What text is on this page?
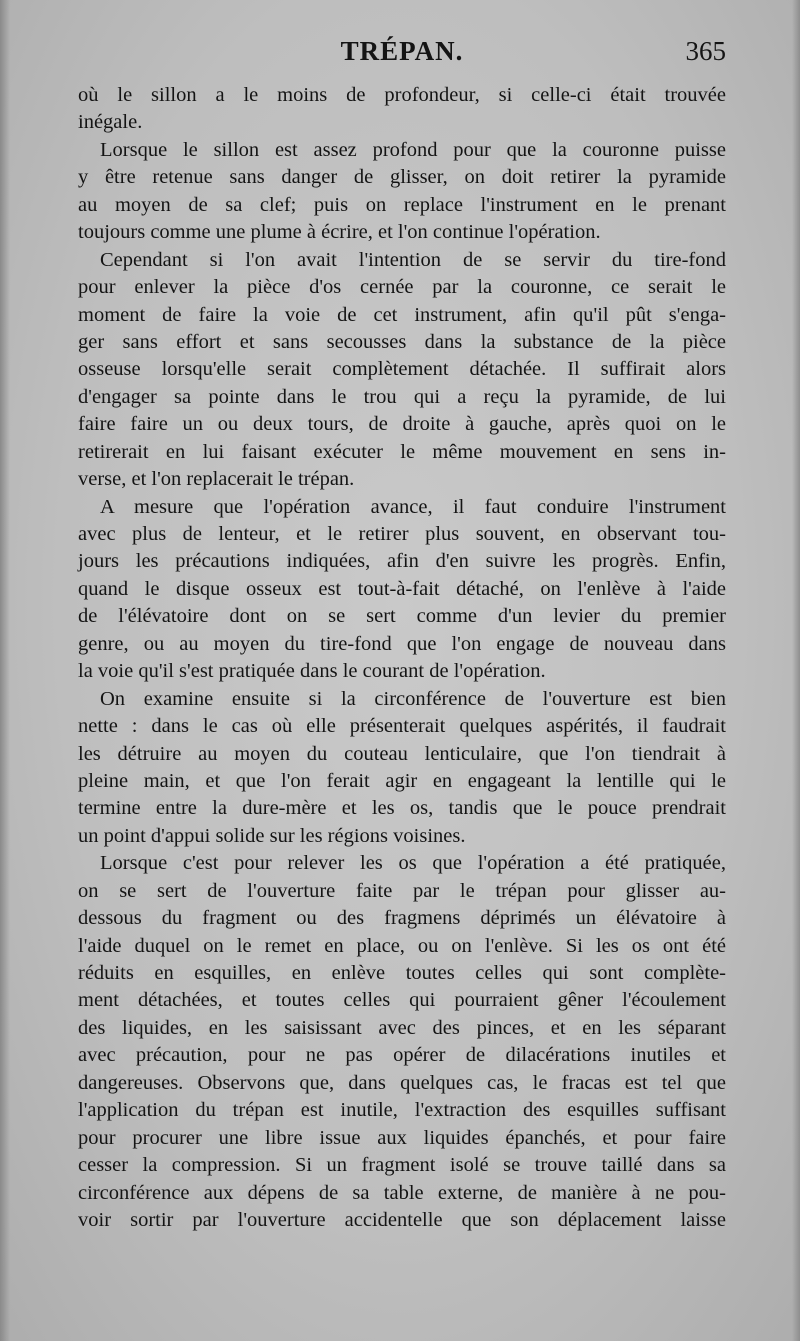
TRÉPAN.	365
où le sillon a le moins de profondeur, si celle-ci était trouvée
inégale.
Lorsque le sillon est assez profond pour que la couronne puisse
y être retenue sans danger de glisser, on doit retirer la pyramide
au moyen de sa clef; puis on replace l'instrument en le prenant
toujours comme une plume à écrire, et l'on continue l'opération.
Cependant si l'on avait l'intention de se servir du tire-fond
pour enlever la pièce d'os cernée par la couronne, ce serait le
moment de faire la voie de cet instrument, afin qu'il pût s'enga-
ger sans effort et sans secousses dans la substance de la pièce
osseuse lorsqu'elle serait complètement détachée. Il suffirait alors
d'engager sa pointe dans le trou qui a reçu la pyramide, de lui
faire faire un ou deux tours, de droite à gauche, après quoi on le
retirerait en lui faisant exécuter le même mouvement en sens in-
verse, et l'on replacerait le trépan.
A mesure que l'opération avance, il faut conduire l'instrument
avec plus de lenteur, et le retirer plus souvent, en observant tou-
jours les précautions indiquées, afin d'en suivre les progrès. Enfin,
quand le disque osseux est tout-à-fait détaché, on l'enlève à l'aide
de l'élévatoire dont on se sert comme d'un levier du premier
genre, ou au moyen du tire-fond que l'on engage de nouveau dans
la voie qu'il s'est pratiquée dans le courant de l'opération.
On examine ensuite si la circonférence de l'ouverture est bien
nette : dans le cas où elle présenterait quelques aspérités, il faudrait
les détruire au moyen du couteau lenticulaire, que l'on tiendrait à
pleine main, et que l'on ferait agir en engageant la lentille qui le
termine entre la dure-mère et les os, tandis que le pouce prendrait
un point d'appui solide sur les régions voisines.
Lorsque c'est pour relever les os que l'opération a été pratiquée,
on se sert de l'ouverture faite par le trépan pour glisser au-
dessous du fragment ou des fragmens déprimés un élévatoire à
l'aide duquel on le remet en place, ou on l'enlève. Si les os ont été
réduits en esquilles, en enlève toutes celles qui sont complète-
ment détachées, et toutes celles qui pourraient gêner l'écoulement
des liquides, en les saisissant avec des pinces, et en les séparant
avec précaution, pour ne pas opérer de dilacérations inutiles et
dangereuses. Observons que, dans quelques cas, le fracas est tel que
l'application du trépan est inutile, l'extraction des esquilles suffisant
pour procurer une libre issue aux liquides épanchés, et pour faire
cesser la compression. Si un fragment isolé se trouve taillé dans sa
circonférence aux dépens de sa table externe, de manière à ne pou-
voir sortir par l'ouverture accidentelle que son déplacement laisse
